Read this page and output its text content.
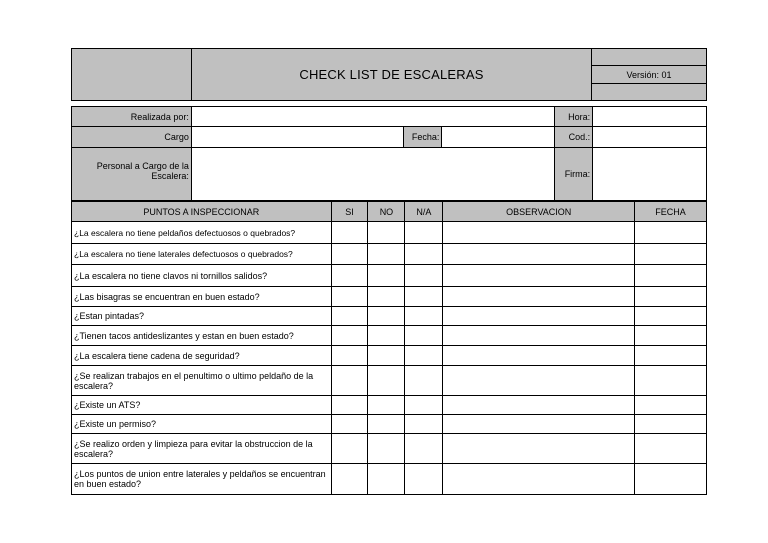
CHECK LIST DE ESCALERAS	Versión: 01
Realizada por:				Hora:	
Cargo		Fecha:		Cod.:	
Personal a Cargo de la Escalera:				Firma:	
PUNTOS A INSPECCIONAR	SI	NO	N/A	OBSERVACION	FECHA
¿La escalera no tiene peldaños defectuosos o quebrados?					
¿La escalera no tiene laterales defectuosos o quebrados?					
¿La escalera no tiene clavos ni tornillos salidos?					
¿Las bisagras se encuentran en buen estado?					
¿Estan pintadas?					
¿Tienen tacos antideslizantes y estan en buen estado?					
¿La escalera tiene cadena de seguridad?					
¿Se realizan trabajos en el penultimo o ultimo peldaño de la escalera?					
¿Existe un ATS?					
¿Existe un permiso?					
¿Se realizo orden y limpieza para evitar la obstruccion de la escalera?					
¿Los puntos de union entre laterales y peldaños se encuentran en buen estado?					
